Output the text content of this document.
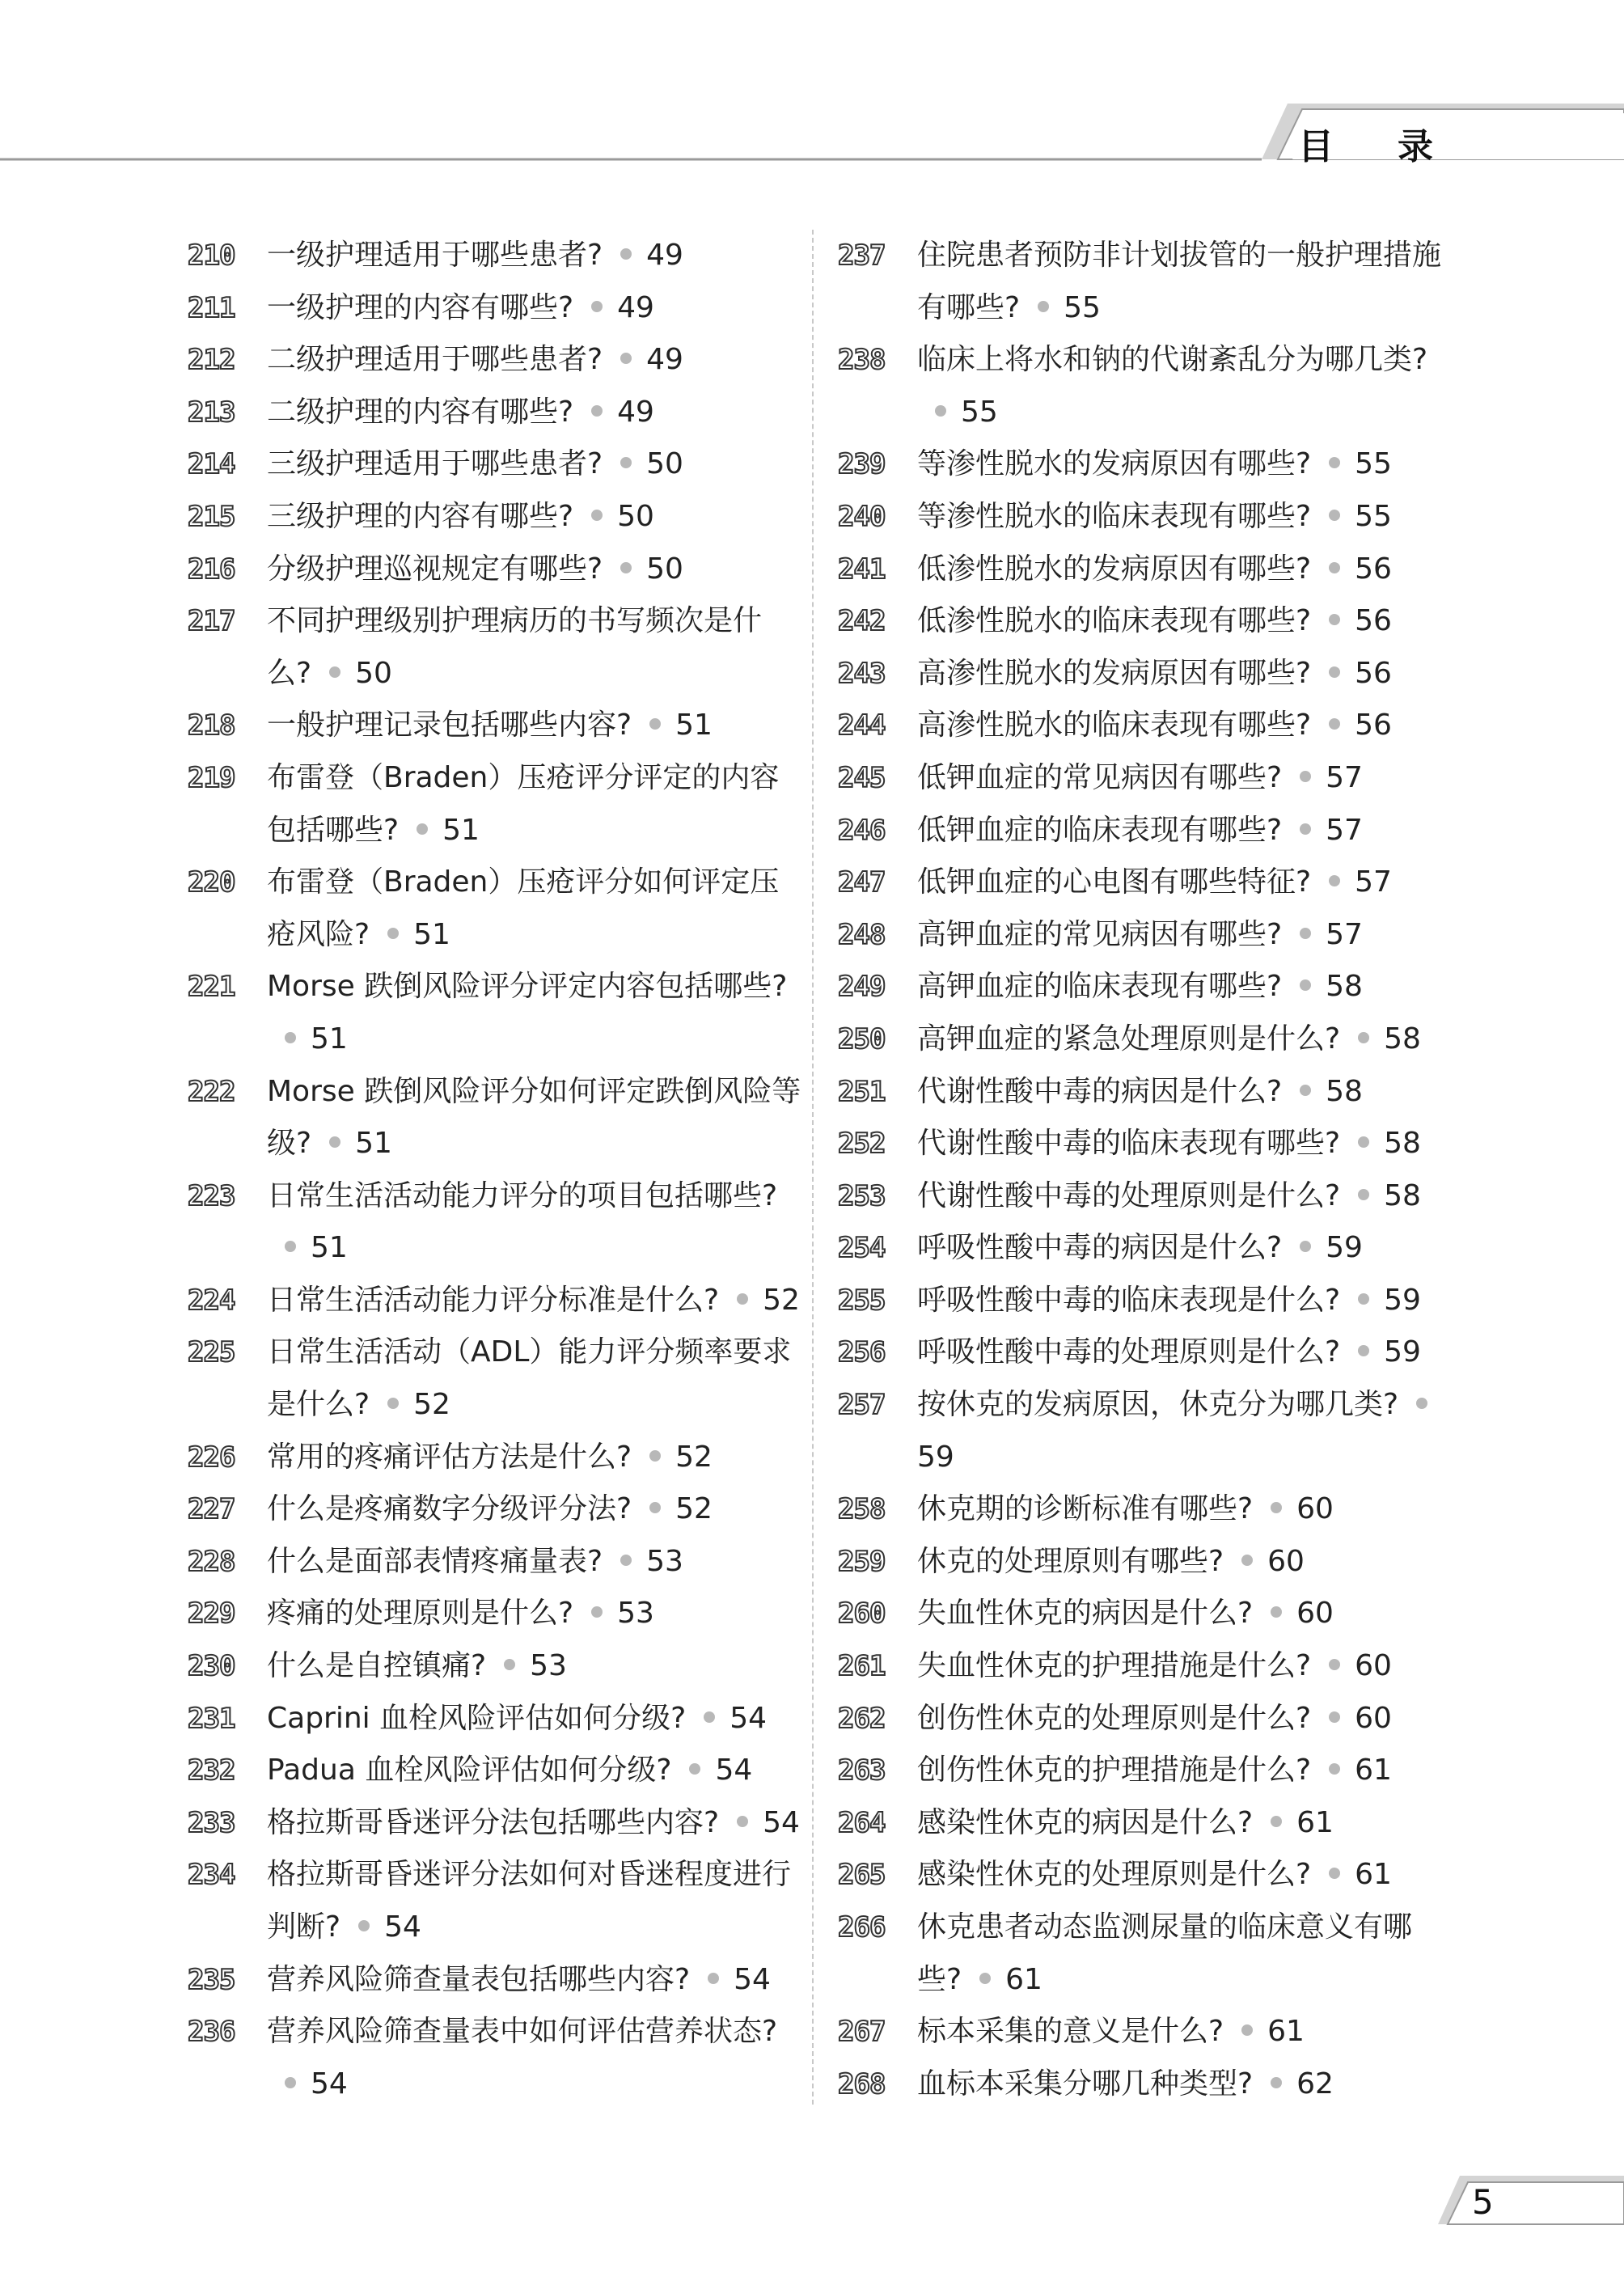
目 录
210	一级护理适用于哪些患者? 49
211	一级护理的内容有哪些? 49
212	二级护理适用于哪些患者? 49
213	二级护理的内容有哪些? 49
214	三级护理适用于哪些患者? 50
215	三级护理的内容有哪些? 50
216	分级护理巡视规定有哪些? 50
217	不同护理级别护理病历的书写频次是什么? 50
218	一般护理记录包括哪些内容? 51
219	布雷登（Braden）压疮评分评定的内容包括哪些? 51
220	布雷登（Braden）压疮评分如何评定压疮风险? 51
221	Morse 跌倒风险评分评定内容包括哪些?51
222	Morse 跌倒风险评分如何评定跌倒风险等级? 51
223	日常生活活动能力评分的项目包括哪些?51
224	日常生活活动能力评分标准是什么? 52
225	日常生活活动（ADL）能力评分频率要求是什么? 52
226	常用的疼痛评估方法是什么? 52
227	什么是疼痛数字分级评分法? 52
228	什么是面部表情疼痛量表? 53
229	疼痛的处理原则是什么? 53
230	什么是自控镇痛? 53
231	Caprini 血栓风险评估如何分级? 54
232	Padua 血栓风险评估如何分级? 54
233	格拉斯哥昏迷评分法包括哪些内容? 54
234	格拉斯哥昏迷评分法如何对昏迷程度进行判断? 54
235	营养风险筛查量表包括哪些内容? 54
236	营养风险筛查量表中如何评估营养状态?54
237	住院患者预防非计划拔管的一般护理措施有哪些? 55
238	临床上将水和钠的代谢紊乱分为哪几类?55
239	等渗性脱水的发病原因有哪些? 55
240	等渗性脱水的临床表现有哪些? 55
241	低渗性脱水的发病原因有哪些? 56
242	低渗性脱水的临床表现有哪些? 56
243	高渗性脱水的发病原因有哪些? 56
244	高渗性脱水的临床表现有哪些? 56
245	低钾血症的常见病因有哪些? 57
246	低钾血症的临床表现有哪些? 57
247	低钾血症的心电图有哪些特征? 57
248	高钾血症的常见病因有哪些? 57
249	高钾血症的临床表现有哪些? 58
250	高钾血症的紧急处理原则是什么? 58
251	代谢性酸中毒的病因是什么? 58
252	代谢性酸中毒的临床表现有哪些? 58
253	代谢性酸中毒的处理原则是什么? 58
254	呼吸性酸中毒的病因是什么? 59
255	呼吸性酸中毒的临床表现是什么? 59
256	呼吸性酸中毒的处理原则是什么? 59
257	按休克的发病原因，休克分为哪几类?59
258	休克期的诊断标准有哪些? 60
259	休克的处理原则有哪些? 60
260	失血性休克的病因是什么? 60
261	失血性休克的护理措施是什么? 60
262	创伤性休克的处理原则是什么? 60
263	创伤性休克的护理措施是什么? 61
264	感染性休克的病因是什么? 61
265	感染性休克的处理原则是什么? 61
266	休克患者动态监测尿量的临床意义有哪些? 61
267	标本采集的意义是什么? 61
268	血标本采集分哪几种类型? 62
5
